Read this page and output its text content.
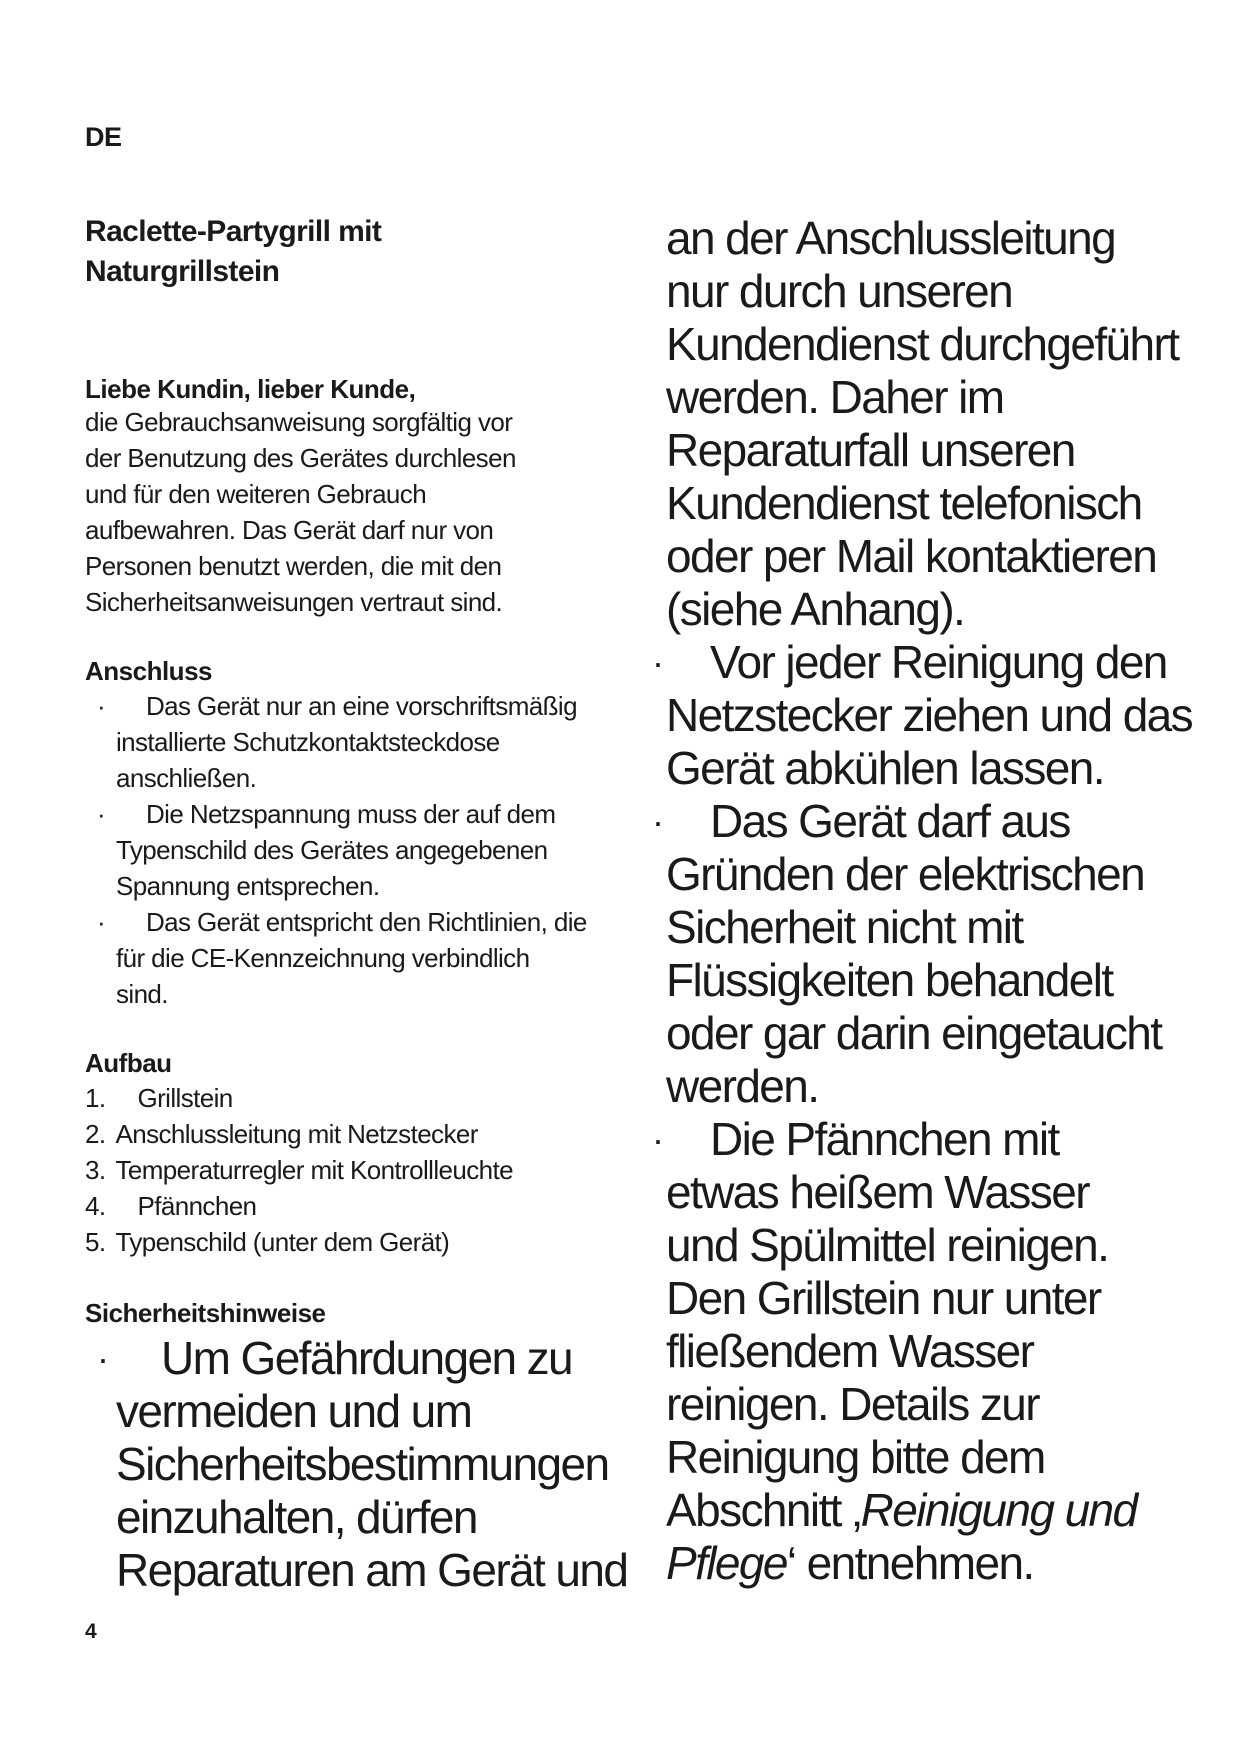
DE
Raclette-Partygrill mit
Naturgrillstein
Liebe Kundin, lieber Kunde,
die Gebrauchsanweisung sorgfältig vor
der Benutzung des Gerätes durchlesen
und für den weiteren Gebrauch
aufbewahren. Das Gerät darf nur von
Personen benutzt werden, die mit den
Sicherheitsanweisungen vertraut sind.
Anschluss
·	Das Gerät nur an eine vorschriftsmäßig
installierte Schutzkontaktsteckdose
anschließen.
·	Die Netzspannung muss der auf dem
Typenschild des Gerätes angegebenen
Spannung entsprechen.
·	Das Gerät entspricht den Richtlinien, die
für die CE-Kennzeichnung verbindlich
sind.
Aufbau
1. Grillstein
2. Anschlussleitung mit Netzstecker
3. Temperaturregler mit Kontrollleuchte
4. Pfännchen
5. Typenschild (unter dem Gerät)
Sicherheitshinweise
·	Um Gefährdungen zu
vermeiden und um
Sicherheitsbestimmungen
einzuhalten, dürfen
Reparaturen am Gerät und
an der Anschlussleitung
nur durch unseren
Kundendienst durchgeführt
werden. Daher im
Reparaturfall unseren
Kundendienst telefonisch
oder per Mail kontaktieren
(siehe Anhang).
·	Vor jeder Reinigung den
Netzstecker ziehen und das
Gerät abkühlen lassen.
·	Das Gerät darf aus
Gründen der elektrischen
Sicherheit nicht mit
Flüssigkeiten behandelt
oder gar darin eingetaucht
werden.
·	Die Pfännchen mit
etwas heißem Wasser
und Spülmittel reinigen.
Den Grillstein nur unter
fließendem Wasser
reinigen. Details zur
Reinigung bitte dem
Abschnitt ‚Reinigung und
Pflege‘ entnehmen.
4
